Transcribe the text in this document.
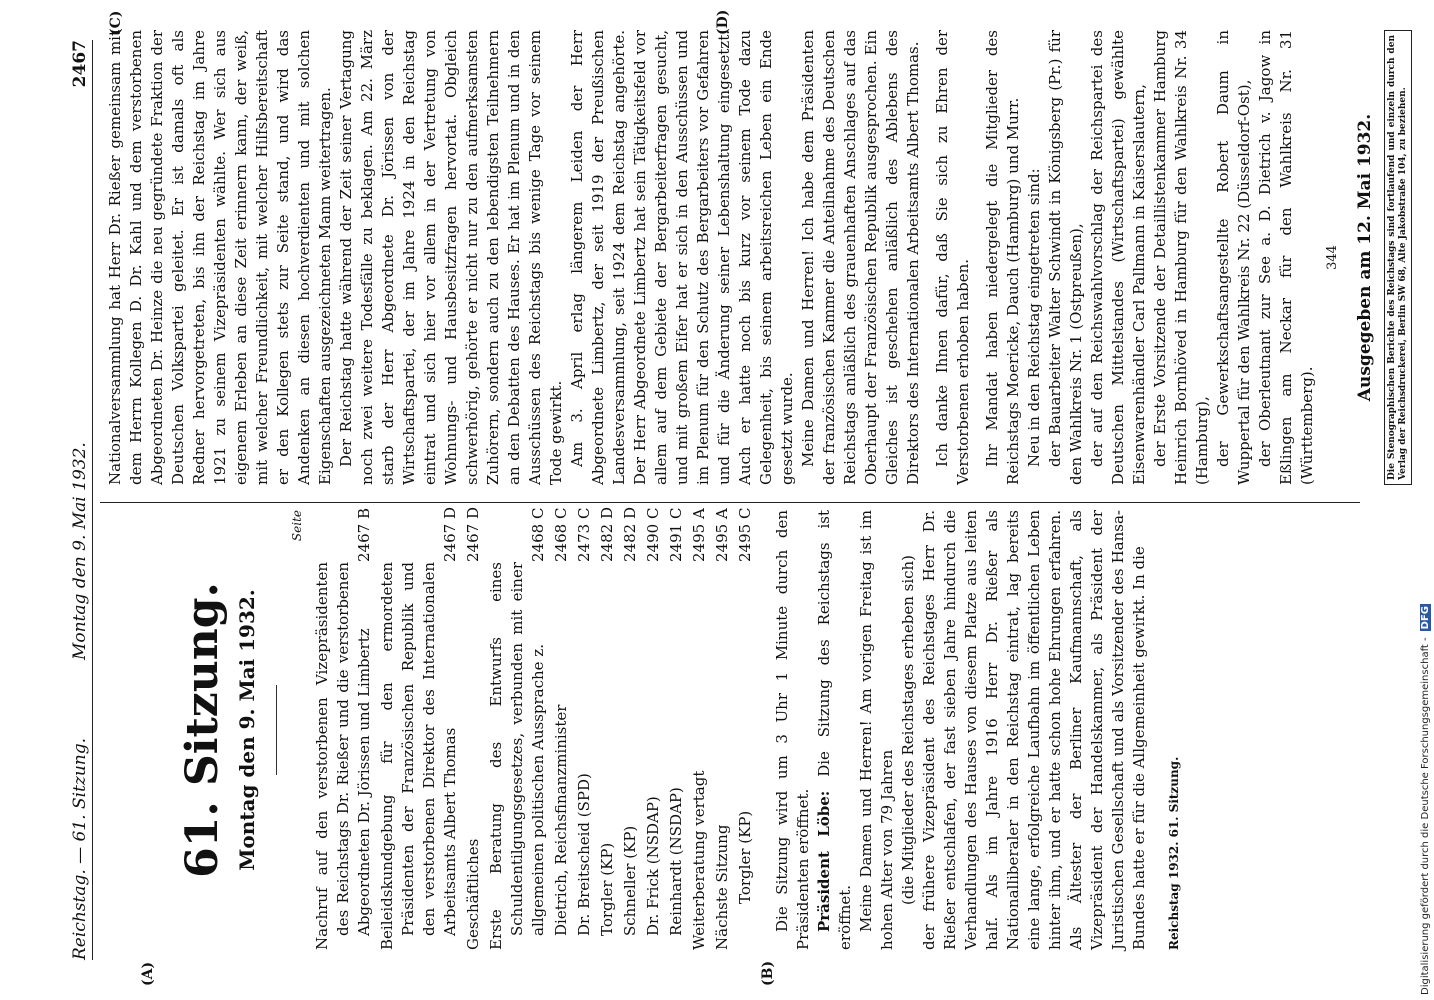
Reichstag. — 61. Sitzung.
Montag den 9. Mai 1932.
2467
(A)	(B)
(C)	(D)
61. Sitzung. Montag den 9. Mai 1932.
Seite
Nachruf auf den verstorbenen Vizepräsidenten des Reichstags Dr. Rießer und die verstorbenen Abgeordneten Dr. Jörissen und Limbertz
2467 B
Beileidskundgebung für den ermordeten Präsidenten der Französischen Republik und den verstorbenen Direktor des Internationalen Arbeitsamts Albert Thomas
2467 D
Geschäftliches
2467 D
Erste Beratung des Entwurfs eines Schuldentilgungsgesetzes, verbunden mit einer allgemeinen politischen Aussprache z.
2468 C
Dietrich, Reichsfinanzminister
2468 C
Dr. Breitscheid (SPD)
2473 C
Torgler (KP)
2482 D
Schneller (KP)
2482 D
Dr. Frick (NSDAP)
2490 C
Reinhardt (NSDAP)
2491 C
Weiterberatung vertagt
2495 A
Nächste Sitzung
2495 A
Torgler (KP)
2495 C Die Sitzung wird um 3 Uhr 1 Minute durch den Präsidenten eröffnet. Präsident Löbe: Die Sitzung des Reichstags ist eröffnet. Meine Damen und Herren! Am vorigen Freitag ist im hohen Alter von 79 Jahren (die Mitglieder des Reichstages erheben sich) der frühere Vizepräsident des Reichstages Herr Dr. Rießer entschlafen, der fast sieben Jahre hindurch die Verhandlungen des Hauses von diesem Platze aus leiten half. Als im Jahre 1916 Herr Dr. Rießer als Nationalliberaler in den Reichstag eintrat, lag bereits eine lange, erfolgreiche Laufbahn im öffentlichen Leben hinter ihm, und er hatte schon hohe Ehrungen erfahren. Als Ältester der Berliner Kaufmannschaft, als Vizepräsident der Handelskammer, als Präsident der Juristischen Gesellschaft und als Vorsitzender des Hansa-Bundes hatte er für die Allgemeinheit gewirkt. In die Reichstag 1932. 61. Sitzung.

Nationalversammlung hat Herr Dr. Rießer gemeinsam mit dem Herrn Kollegen D. Dr. Kahl und dem verstorbenen Abgeordneten Dr. Heinze die neu gegründete Fraktion der Deutschen Volkspartei geleitet. Er ist damals oft als Redner hervorgetreten, bis ihn der Reichstag im Jahre 1921 zu seinem Vizepräsidenten wählte. Wer sich aus eigenem Erleben an diese Zeit erinnern kann, der weiß, mit welcher Freundlichkeit, mit welcher Hilfsbereitschaft er den Kollegen stets zur Seite stand, und wird das Andenken an diesen hochverdienten und mit solchen Eigenschaften ausgezeichneten Mann weitertragen. Der Reichstag hatte während der Zeit seiner Vertagung noch zwei weitere Todesfälle zu beklagen. Am 22. März starb der Herr Abgeordnete Dr. Jörissen von der Wirtschaftspartei, der im Jahre 1924 in den Reichstag eintrat und sich hier vor allem in der Vertretung von Wohnungs- und Hausbesitzfragen hervortat. Obgleich schwerhörig, gehörte er nicht nur zu den aufmerksamsten Zuhörern, sondern auch zu den lebendigsten Teilnehmern an den Debatten des Hauses. Er hat im Plenum und in den Ausschüssen des Reichstags bis wenige Tage vor seinem Tode gewirkt. Am 3. April erlag längerem Leiden der Herr Abgeordnete Limbertz, der seit 1919 der Preußischen Landesversammlung, seit 1924 dem Reichstag angehörte. Der Herr Abgeordnete Limbertz hat sein Tätigkeitsfeld vor allem auf dem Gebiete der Bergarbeiterfragen gesucht, und mit großem Eifer hat er sich in den Ausschüssen und im Plenum für den Schutz des Bergarbeiters vor Gefahren und für die Änderung seiner Lebenshaltung eingesetzt. Auch er hatte noch bis kurz vor seinem Tode dazu Gelegenheit, bis seinem arbeitsreichen Leben ein Ende gesetzt wurde. Meine Damen und Herren! Ich habe dem Präsidenten der französischen Kammer die Anteilnahme des Deutschen Reichstags anläßlich des grauenhaften Anschlages auf das Oberhaupt der Französischen Republik ausgesprochen. Ein Gleiches ist geschehen anläßlich des Ablebens des Direktors des Internationalen Arbeitsamts Albert Thomas. Ich danke Ihnen dafür, daß Sie sich zu Ehren der Verstorbenen erhoben haben. Ihr Mandat haben niedergelegt die Mitglieder des Reichstags Moericke, Dauch (Hamburg) und Murr. Neu in den Reichstag eingetreten sind: der Bauarbeiter Walter Schwindt in Königsberg (Pr.) für den Wahlkreis Nr. 1 (Ostpreußen), der auf den Reichswahlvorschlag der Reichspartei des Deutschen Mittelstandes (Wirtschaftspartei) gewählte Eisenwarenhändler Carl Pallmann in Kaiserslautern, der Erste Vorsitzende der Detaillistenkammer Hamburg Heinrich Bornhöved in Hamburg für den Wahlkreis Nr. 34 (Hamburg), der Gewerkschaftsangestellte Robert Daum in Wuppertal für den Wahlkreis Nr. 22 (Düsseldorf-Ost), der Oberleutnant zur See a. D. Dietrich v. Jagow in Eßlingen am Neckar für den Wahlkreis Nr. 31 (Württemberg).

344 Ausgegeben am 12. Mai 1932.	Die Stenographischen Berichte des Reichstags sind fortlaufend und einzeln durch den Verlag der Reichsdruckerei, Berlin SW 68, Alte Jakobstraße 104, zu beziehen.
Digitalisierung gefördert durch die Deutsche Forschungsgemeinschaft -DFG
